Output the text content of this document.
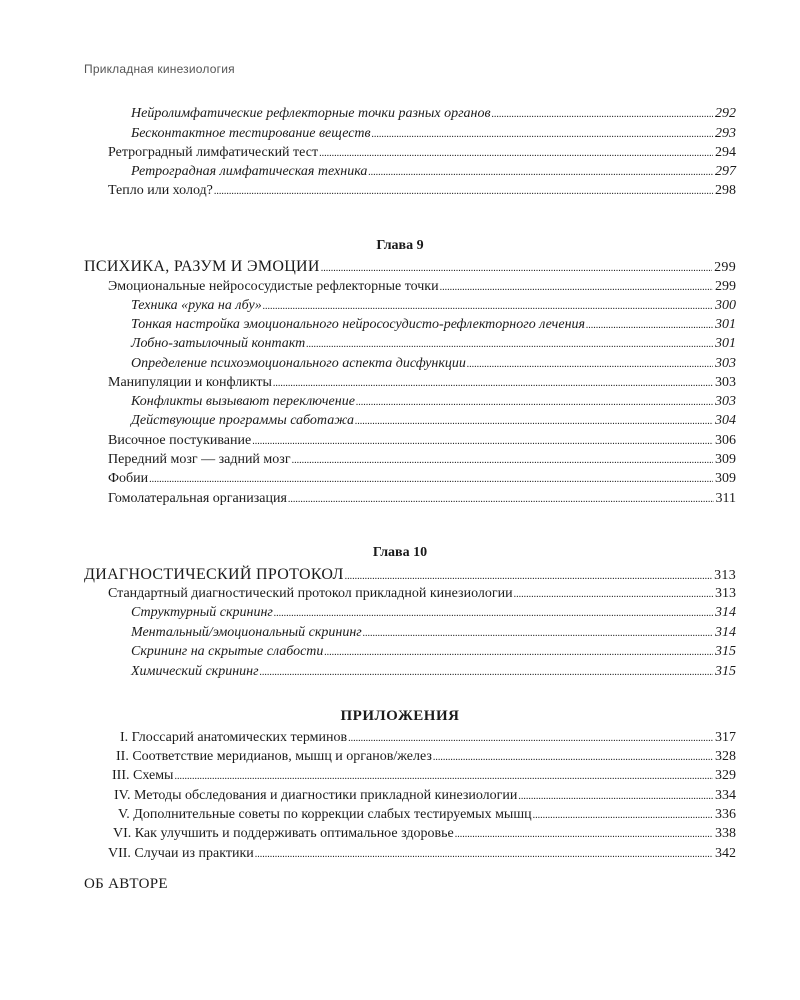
Прикладная кинезиология
Нейролимфатические рефлекторные точки разных органов .....	292
Бесконтактное тестирование веществ .....	293
Ретроградный лимфатический тест .....	294
Ретроградная лимфатическая техника .....	297
Тепло или холод? .....	298
Глава 9
ПСИХИКА, РАЗУМ И ЭМОЦИИ .....	299
Эмоциональные нейрососудистые рефлекторные точки .....	299
Техника «рука на лбу» .....	300
Тонкая настройка эмоционального нейрососудисто-рефлекторного лечения .....	301
Лобно-затылочный контакт .....	301
Определение психоэмоционального аспекта дисфункции .....	303
Манипуляции и конфликты .....	303
Конфликты вызывают переключение .....	303
Действующие программы саботажа .....	304
Височное постукивание .....	306
Передний мозг — задний мозг .....	309
Фобии .....	309
Гомолатеральная организация .....	311
Глава 10
ДИАГНОСТИЧЕСКИЙ ПРОТОКОЛ .....	313
Стандартный диагностический протокол прикладной кинезиологии .....	313
Структурный скрининг .....	314
Ментальный/эмоциональный скрининг .....	314
Скрининг на скрытые слабости .....	315
Химический скрининг .....	315
ПРИЛОЖЕНИЯ
I. Глоссарий анатомических терминов .....	317
II. Соответствие меридианов, мышц и органов/желез .....	328
III. Схемы .....	329
IV. Методы обследования и диагностики прикладной кинезиологии .....	334
V. Дополнительные советы по коррекции слабых тестируемых мышц .....	336
VI. Как улучшить и поддерживать оптимальное здоровье .....	338
VII. Случаи из практики .....	342
ОБ АВТОРЕ
